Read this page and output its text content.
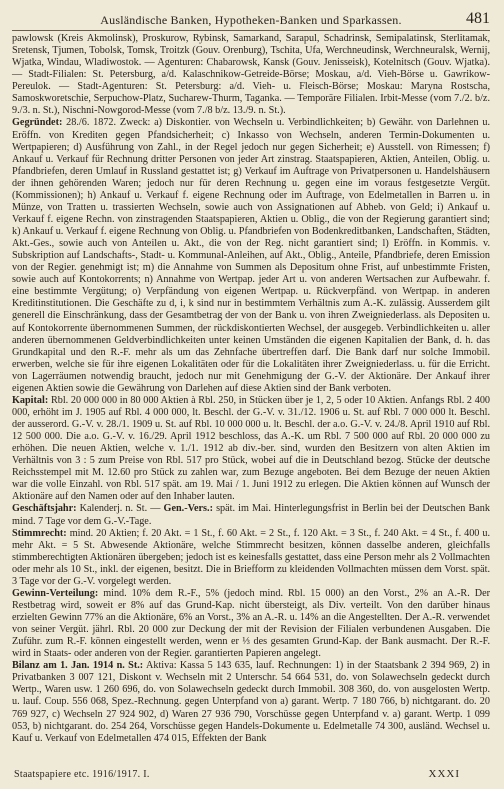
Ausländische Banken, Hypotheken-Banken und Sparkassen.	481

pawlowsk (Kreis Akmolinsk), Proskurow, Rybinsk, Samarkand, Sarapul, Schadrinsk, Semipalatinsk, Sterlitamak, Sretensk, Tjumen, Tobolsk, Tomsk, Troitzk (Gouv. Orenburg), Tschita, Ufa, Werchneudinsk, Werchneuralsk, Wernij, Wjatka, Windau, Wladiwostok. — Agenturen: Chabarowsk, Kansk (Gouv. Jenisseisk), Kotelnitsch (Gouv. Wjatka). — Stadt-Filialen: St. Petersburg, a/d. Kalaschnikow-Getreide-Börse; Moskau, a/d. Vieh-Börse u. Gawrikow-Pereulok. — Stadt-Agenturen: St. Petersburg: a/d. Vieh- u. Fleisch-Börse; Moskau: Maryna Rostscha, Samoskworetschie, Serpuchow-Platz, Sucharew-Thurm, Taganka. — Temporäre Filialen. Irbit-Messe (vom 7./2. b/z. 9./3. n. St.), Nischni-Nowgorod-Messe (vom 7./8 b/z. 13./9. n. St.).

Gegründet: 28./6. 1872. Zweck: a) Diskontier. von Wechseln u. Verbindlichkeiten; b) Gewähr. von Darlehnen u. Eröffn. von Krediten gegen Pfandsicherheit; c) Inkasso von Wechseln, anderen Termin-Dokumenten u. Wertpapieren; d) Ausführung von Zahl., in der Regel jedoch nur gegen Sicherheit; e) Ausstell. von Rimessen; f) Ankauf u. Verkauf für Rechnung dritter Personen von jeder Art zinstrag. Staatspapieren, Aktien, Anteilen, Oblig. u. Pfandbriefen, deren Umlauf in Russland gestattet ist; g) Verkauf im Auftrage von Privatpersonen u. Handelshäusern der ihnen gehörenden Waren; jedoch nur für deren Rechnung u. gegen eine im voraus festgesetzte Vergüt. (Kommissionen); h) Ankauf u. Verkauf f. eigene Rechnung oder im Auftrage, von Edelmetallen in Barren u. in Münze, von Tratten u. trassierten Wechseln, sowie auch von Assignationen auf Abheb. von Geld; i) Ankauf u. Verkauf f. eigene Rechn. von zinstragenden Staatspapieren, Aktien u. Oblig., die von der Regierung garantiert sind; k) Ankauf u. Verkauf f. eigene Rechnung von Oblig. u. Pfandbriefen von Bodenkreditbanken, Landschaften, Städten, Akt.-Ges., sowie auch von Anteilen u. Akt., die von der Reg. nicht garantiert sind; l) Eröffn. in Kommis. v. Subskription auf Landschafts-, Stadt- u. Kommunal-Anleihen, auf Akt., Oblig., Anteile, Pfandbriefe, deren Emission von der Regier. genehmigt ist; m) die Annahme von Summen als Depositum ohne Frist, auf unbestimmte Fristen, sowie auch auf Kontokorrents; n) Annahme von Wertpap. jeder Art u. von anderen Wertsachen zur Aufbewahr. f. eine bestimmte Vergütung; o) Verpfändung von eigenen Wertpap. u. Rückverpfänd. von Wertpap. in anderen Kreditinstitutionen. Die Geschäfte zu d, i, k sind nur in bestimmtem Verhältnis zum A.-K. zulässig. Ausserdem gilt generell die Einschränkung, dass der Gesamtbetrag der von der Bank u. von ihren Zweigniederlass. als Depositen u. auf Kontokorrente übernommenen Summen, der rückdiskontierten Wechsel, der ausgegeb. Verbindlichkeiten u. aller anderen übernommenen Geldverbindlichkeiten unter keinen Umständen die eigenen Kapitalien der Bank, d. h. das Grundkapital und den R.-F. mehr als um das Zehnfache übertreffen darf. Die Bank darf nur solche Immobil. erwerben, welche sie für ihre eigenen Lokalitäten oder für die Lokalitäten ihrer Zweigniederlass. u. für die Erricht. von Lagerräumen notwendig braucht, jedoch nur mit Genehmigung der G.-V. der Aktionäre. Der Ankauf ihrer eigenen Aktien sowie die Gewährung von Darlehen auf diese Aktien sind der Bank verboten.

Kapital: Rbl. 20 000 000 in 80 000 Aktien à Rbl. 250, in Stücken über je 1, 2, 5 oder 10 Aktien. Anfangs Rbl. 2 400 000, erhöht im J. 1905 auf Rbl. 4 000 000, lt. Beschl. der G.-V. v. 31./12. 1906 u. St. auf Rbl. 7 000 000 lt. Beschl. der ausserord. G.-V. v. 28./1. 1909 u. St. auf Rbl. 10 000 000 u. lt. Beschl. der a.o. G.-V. v. 24./8. April 1910 auf Rbl. 12 500 000. Die a.o. G.-V. v. 16./29. April 1912 beschloss, das A.-K. um Rbl. 7 500 000 auf Rbl. 20 000 000 zu erhöhen. Die neuen Aktien, welche v. 1./1. 1912 ab div.-ber. sind, wurden den Besitzern von alten Aktien im Verhältnis von 3 : 5 zum Preise von Rbl. 517 pro Stück, wobei auf die in Deutschland bezog. Stücke der deutsche Reichsstempel mit M. 12.60 pro Stück zu zahlen war, zum Bezuge angeboten. Bei dem Bezuge der neuen Aktien war die volle Einzahl. von Rbl. 517 spät. am 19. Mai / 1. Juni 1912 zu erlegen. Die Aktien können auf Wunsch der Aktionäre auf den Namen oder auf den Inhaber lauten.

Geschäftsjahr: Kalenderj. n. St. — Gen.-Vers.: spät. im Mai. Hinterlegungsfrist in Berlin bei der Deutschen Bank mind. 7 Tage vor dem G.-V.-Tage.

Stimmrecht: mind. 20 Aktien; f. 20 Akt. = 1 St., f. 60 Akt. = 2 St., f. 120 Akt. = 3 St., f. 240 Akt. = 4 St., f. 400 u. mehr Akt. = 5 St. Abwesende Aktionäre, welche Stimmrecht besitzen, können dasselbe anderen, gleichfalls stimmberechtigten Aktionären übergeben; jedoch ist es keinesfalls gestattet, dass eine Person mehr als 2 Vollmachten oder mehr als 10 St., inkl. der eigenen, besitzt. Die in Briefform zu kleidenden Vollmachten müssen dem Vorst. spät. 3 Tage vor der G.-V. vorgelegt werden.

Gewinn-Verteilung: mind. 10% dem R.-F., 5% (jedoch mind. Rbl. 15 000) an den Vorst., 2% an A.-R. Der Restbetrag wird, soweit er 8% auf das Grund-Kap. nicht übersteigt, als Div. verteilt. Von den darüber hinaus erzielten Gewinn 77% an die Aktionäre, 6% an Vorst., 3% an A.-R. u. 14% an die Angestellten. Der A.-R. verwendet von seiner Vergüt. jährl. Rbl. 20 000 zur Deckung der mit der Revision der Filialen verbundenen Ausgaben. Die Zuführ. zum R.-F. können eingestellt werden, wenn er ⅓ des gesamten Grund-Kap. der Bank ausmacht. Der R.-F. wird in Staats- oder anderen von der Regier. garantierten Papieren angelegt.

Bilanz am 1. Jan. 1914 n. St.: Aktiva: Kassa 5 143 635, lauf. Rechnungen: 1) in der Staatsbank 2 394 969, 2) in Privatbanken 3 007 121, Diskont v. Wechseln mit 2 Unterschr. 54 664 531, do. von Solawechseln gedeckt durch Wertp., Waren usw. 1 260 696, do. von Solawechseln gedeckt durch Immobil. 308 360, do. von ausgelosten Wertp. u. lauf. Coup. 556 068, Spez.-Rechnung. gegen Unterpfand von a) garant. Wertp. 7 180 766, b) nichtgarant. do. 20 769 927, c) Wechseln 27 924 902, d) Waren 27 936 790, Vorschüsse gegen Unterpfand v. a) garant. Wertp. 1 099 053, b) nichtgarant. do. 254 264, Vorschüsse gegen Handels-Dokumente u. Edelmetalle 74 300, ausländ. Wechsel u. Kauf u. Verkauf von Edelmetallen 474 015, Effekten der Bank

Staatspapiere etc. 1916/1917. I.	XXXI
